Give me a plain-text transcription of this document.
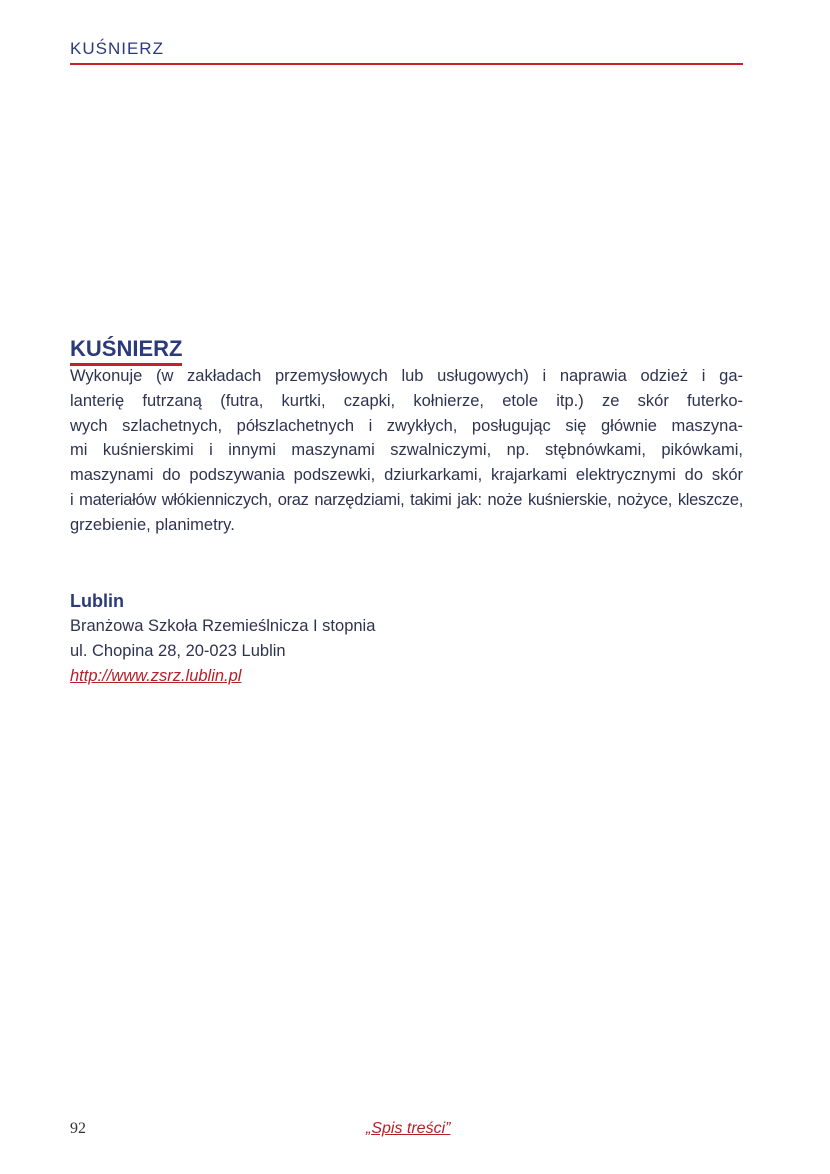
KUŚNIERZ
KUŚNIERZ
Wykonuje (w zakładach przemysłowych lub usługowych) i naprawia odzież i ga-
lanterię futrzaną (futra, kurtki, czapki, kołnierze, etole itp.) ze skór futerko-
wych szlachetnych, półszlachetnych i zwykłych, posługując się głównie maszyna-
mi kuśnierskimi i innymi maszynami szwalniczymi, np. stębnówkami, pikówkami,
maszynami do podszywania podszewki, dziurkarkami, krajarkami elektrycznymi do skór
i materiałów włókienniczych, oraz narzędziami, takimi jak: noże kuśnierskie, nożyce, kleszcze,
grzebienie, planimetry.
Lublin
Branżowa Szkoła Rzemieślnicza I stopnia
ul. Chopina 28, 20-023 Lublin
http://www.zsrz.lublin.pl
92	„Spis treści”
